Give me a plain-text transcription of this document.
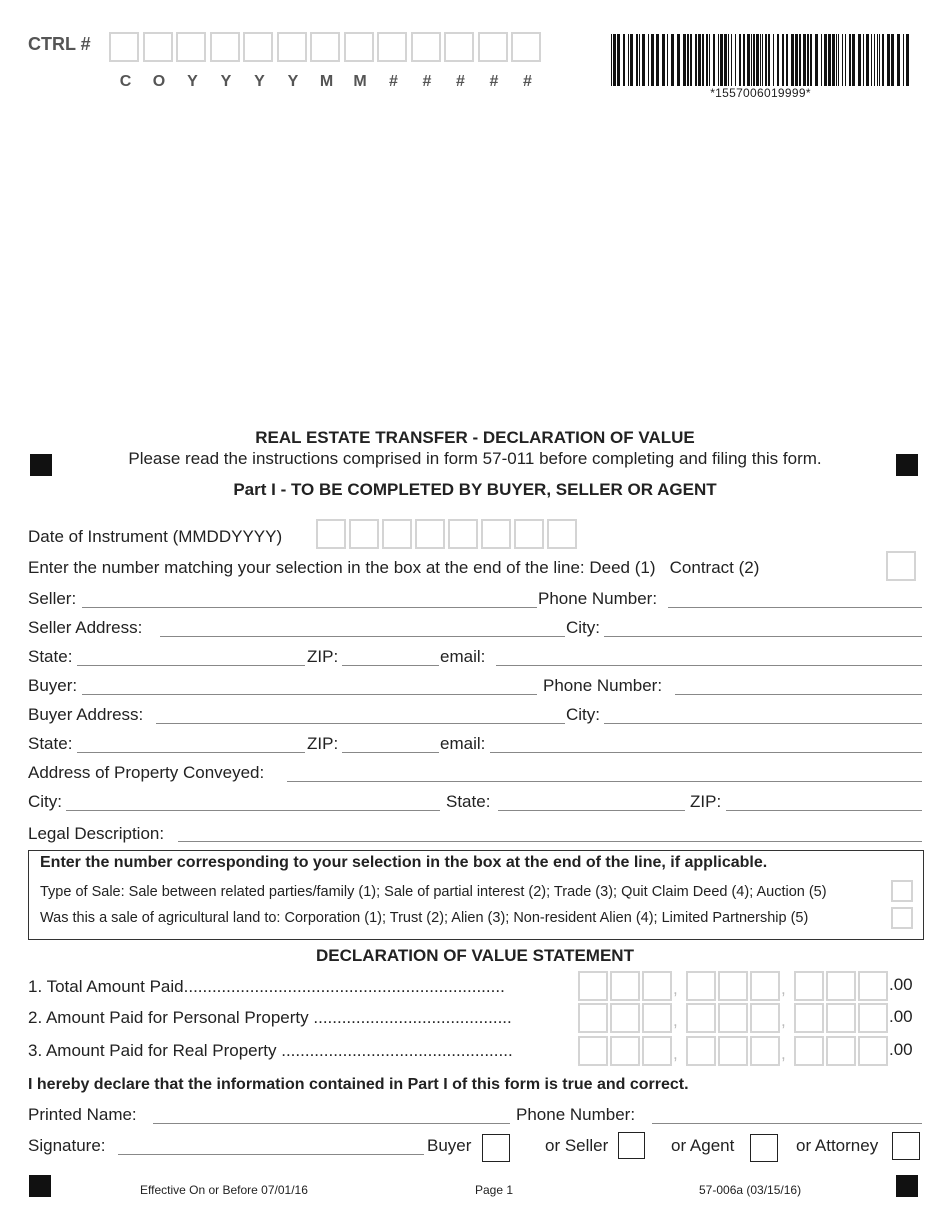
CTRL #
C	O	Y	Y	Y	Y	M	M	#	#	#	#	#
*1557006019999*
REAL ESTATE TRANSFER - DECLARATION OF VALUE
Please read the instructions comprised in form 57-011 before completing and filing this form.
Part I - TO BE COMPLETED BY BUYER, SELLER OR AGENT
Date of Instrument (MMDDYYYY)
Enter the number matching your selection in the box at the end of the line: Deed (1)   Contract (2)
Seller:	Phone Number:
Seller Address:	City:
State:	ZIP:	email:
Buyer:	Phone Number:
Buyer Address:	City:
State:	ZIP:	email:
Address of Property Conveyed:
City:	State:	ZIP:
Legal Description:
Enter the number corresponding to your selection in the box at the end of the line, if applicable.
Type of Sale: Sale between related parties/family (1); Sale of partial interest (2); Trade (3); Quit Claim Deed (4); Auction (5)
Was this a sale of agricultural land to: Corporation (1); Trust (2); Alien (3); Non-resident Alien (4); Limited Partnership (5)
DECLARATION OF VALUE STATEMENT
1. Total Amount Paid....................................................................
2. Amount Paid for Personal Property ..........................................
3. Amount Paid for Real Property .................................................
,	,	.00
,	,	.00
,	,	.00
I hereby declare that the information contained in Part I of this form is true and correct.
Printed Name:	Phone Number:
Signature:	Buyer	or Seller	or Agent	or Attorney
Effective On or Before 07/01/16	Page 1	57-006a (03/15/16)
